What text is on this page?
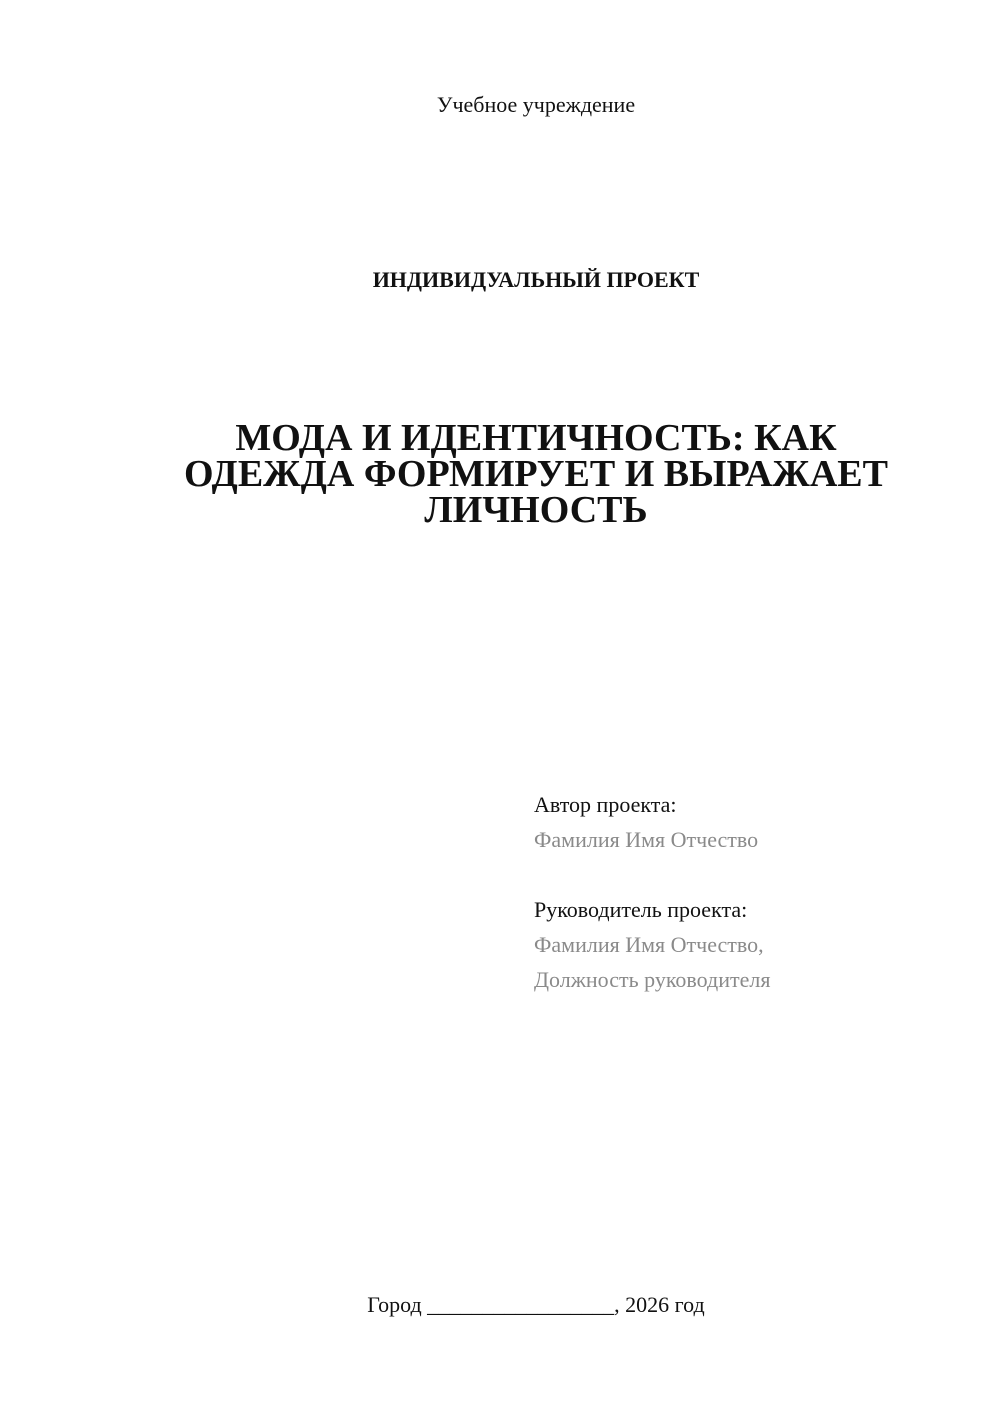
Учебное учреждение
ИНДИВИДУАЛЬНЫЙ ПРОЕКТ
МОДА И ИДЕНТИЧНОСТЬ: КАК
ОДЕЖДА ФОРМИРУЕТ И ВЫРАЖАЕТ
ЛИЧНОСТЬ
Автор проекта:
Фамилия Имя Отчество
Руководитель проекта:
Фамилия Имя Отчество,
Должность руководителя
Город _________________, 2026 год
